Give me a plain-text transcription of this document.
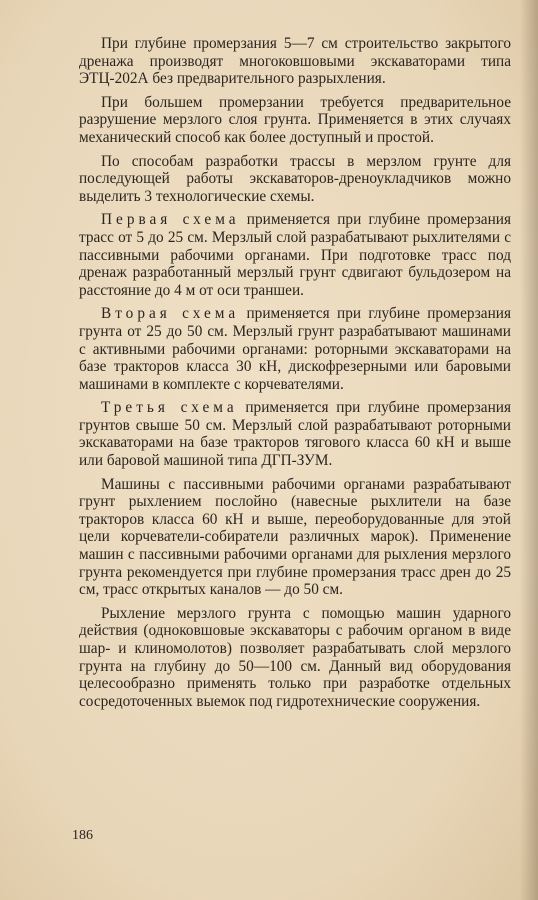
При глубине промерзания 5—7 см строительство закрытого дренажа производят многоковшовыми экскаваторами типа ЭТЦ-202А без предварительного разрыхления.

При большем промерзании требуется предварительное разрушение мерзлого слоя грунта. Применяется в этих случаях механический способ как более доступный и простой.

По способам разработки трассы в мерзлом грунте для последующей работы экскаваторов-дреноукладчиков можно выделить 3 технологические схемы.

Первая схема применяется при глубине промерзания трасс от 5 до 25 см. Мерзлый слой разрабатывают рыхлителями с пассивными рабочими органами. При подготовке трасс под дренаж разработанный мерзлый грунт сдвигают бульдозером на расстояние до 4 м от оси траншеи.

Вторая схема применяется при глубине промерзания грунта от 25 до 50 см. Мерзлый грунт разрабатывают машинами с активными рабочими органами: роторными экскаваторами на базе тракторов класса 30 кН, дискофрезерными или баровыми машинами в комплекте с корчевателями.

Третья схема применяется при глубине промерзания грунтов свыше 50 см. Мерзлый слой разрабатывают роторными экскаваторами на базе тракторов тягового класса 60 кН и выше или баровой машиной типа ДГП-ЗУМ.

Машины с пассивными рабочими органами разрабатывают грунт рыхлением послойно (навесные рыхлители на базе тракторов класса 60 кН и выше, переоборудованные для этой цели корчеватели-собиратели различных марок). Применение машин с пассивными рабочими органами для рыхления мерзлого грунта рекомендуется при глубине промерзания трасс дрен до 25 см, трасс открытых каналов — до 50 см.

Рыхление мерзлого грунта с помощью машин ударного действия (одноковшовые экскаваторы с рабочим органом в виде шар- и клиномолотов) позволяет разрабатывать слой мерзлого грунта на глубину до 50—100 см. Данный вид оборудования целесообразно применять только при разработке отдельных сосредоточенных выемок под гидротехнические сооружения.

186
